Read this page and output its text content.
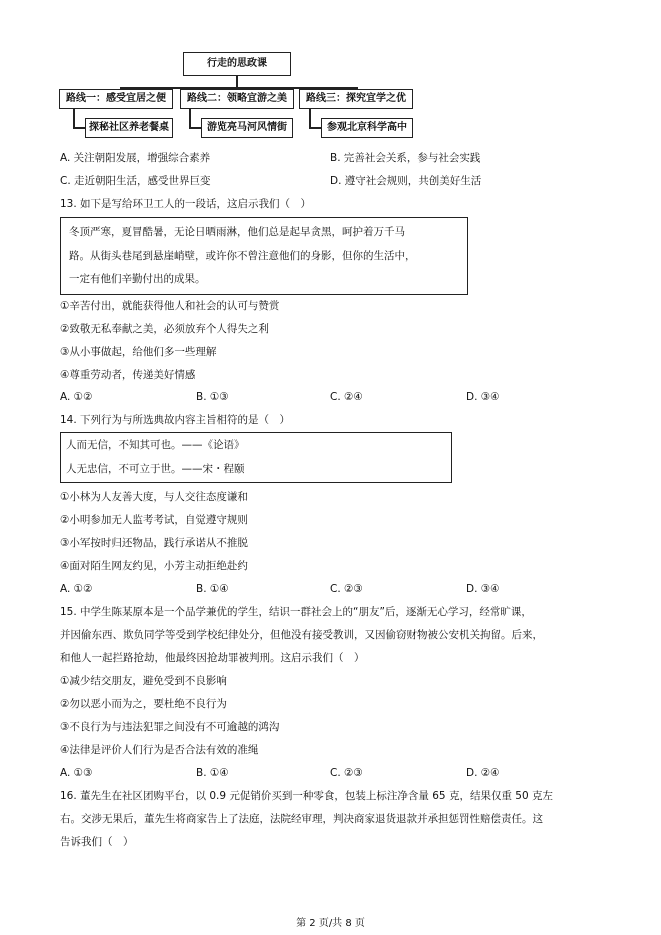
行走的思政课
路线一：感受宜居之便	路线二：领略宜游之美	路线三：探究宜学之优
探秘社区养老餐桌	游览亮马河风情街	参观北京科学高中
A. 关注朝阳发展，增强综合素养	B. 完善社会关系，参与社会实践
C. 走近朝阳生活，感受世界巨变	D. 遵守社会规则，共创美好生活
13. 如下是写给环卫工人的一段话，这启示我们（　）
冬顶严寒，夏冒酷暑，无论日晒雨淋，他们总是起早贪黑，呵护着万千马
路。从街头巷尾到悬崖峭壁，或许你不曾注意他们的身影，但你的生活中，
一定有他们辛勤付出的成果。
①辛苦付出，就能获得他人和社会的认可与赞赏
②致敬无私奉献之美，必须放弃个人得失之利
③从小事做起，给他们多一些理解
④尊重劳动者，传递美好情感
A. ①②	B. ①③	C. ②④	D. ③④
14. 下列行为与所选典故内容主旨相符的是（　）
人而无信，不知其可也。——《论语》
人无忠信，不可立于世。——宋・程颐
①小林为人友善大度，与人交往态度谦和
②小明参加无人监考考试，自觉遵守规则
③小军按时归还物品，践行承诺从不推脱
④面对陌生网友约见，小芳主动拒绝赴约
A. ①②	B. ①④	C. ②③	D. ③④
15. 中学生陈某原本是一个品学兼优的学生，结识一群社会上的“朋友”后，逐渐无心学习，经常旷课，
并因偷东西、欺负同学等受到学校纪律处分，但他没有接受教训，又因偷窃财物被公安机关拘留。后来，
和他人一起拦路抢劫，他最终因抢劫罪被判刑。这启示我们（　）
①减少结交朋友，避免受到不良影响
②勿以恶小而为之，要杜绝不良行为
③不良行为与违法犯罪之间没有不可逾越的鸿沟
④法律是评价人们行为是否合法有效的准绳
A. ①③	B. ①④	C. ②③	D. ②④
16. 董先生在社区团购平台，以 0.9 元促销价买到一种零食，包装上标注净含量 65 克，结果仅重 50 克左
右。交涉无果后，董先生将商家告上了法庭，法院经审理，判决商家退货退款并承担惩罚性赔偿责任。这
告诉我们（　）
第 2 页/共 8 页
